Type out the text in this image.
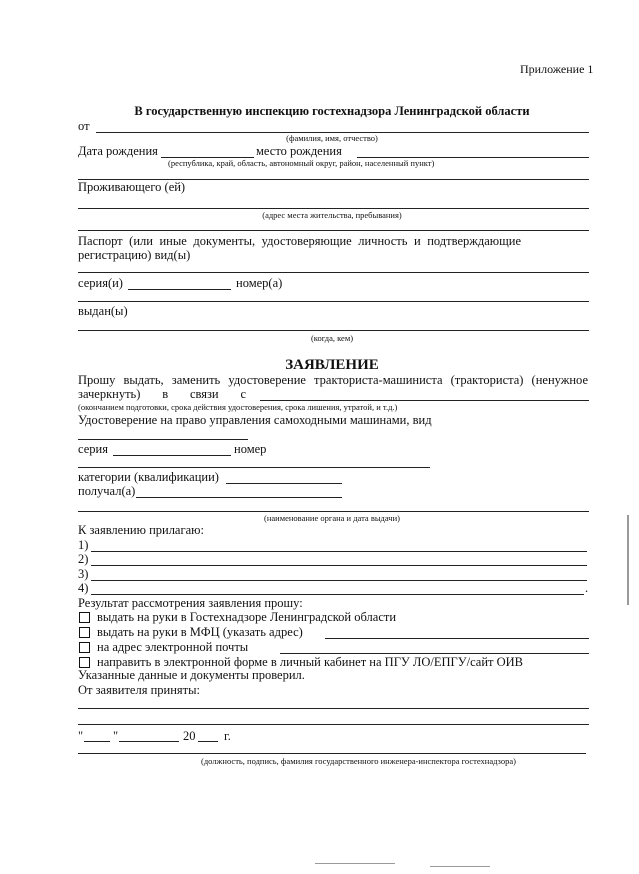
Приложение 1
В государственную инспекцию гостехнадзора Ленинградской области
от
(фамилия, имя, отчество)
Дата рождения	место рождения
(республика, край, область, автономный округ, район, населенный пункт)
Проживающего (ей)
(адрес места жительства, пребывания)
Паспорт (или иные документы, удостоверяющие личность и подтверждающие
регистрацию) вид(ы)
серия(и)	номер(а)
выдан(ы)
(когда, кем)
ЗАЯВЛЕНИЕ
Прошу выдать, заменить удостоверение тракториста-машиниста (тракториста) (ненужное
зачеркнуть) в связи с
(окончанием подготовки, срока действия удостоверения, срока лишения, утратой, и т.д.)
Удостоверение на право управления самоходными машинами, вид
серия	номер
категории (квалификации)
получал(а)
(наименование органа и дата выдачи)
К заявлению прилагаю:
1)
2)
3)
4)	.
Результат рассмотрения заявления прошу:
выдать на руки в Гостехнадзоре Ленинградской области
выдать на руки в МФЦ (указать адрес)
на адрес электронной почты
направить в электронной форме в личный кабинет на ПГУ ЛО/ЕПГУ/сайт ОИВ
Указанные данные и документы проверил.
От заявителя приняты:
" "	20 г.
(должность, подпись, фамилия государственного инженера-инспектора гостехнадзора)
